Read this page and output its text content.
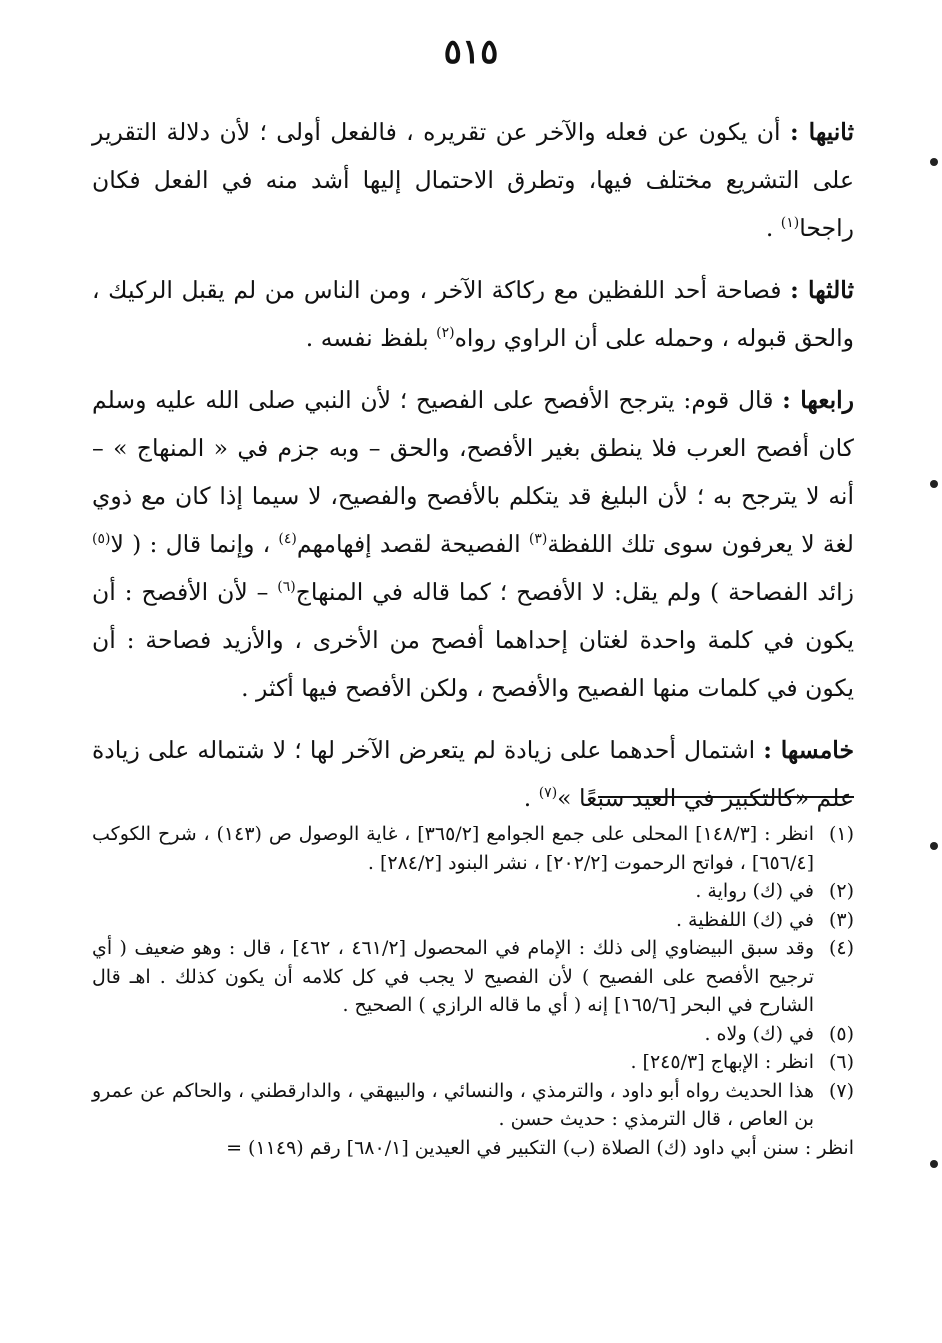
٥١٥

ثانيها : أن يكون عن فعله والآخر عن تقريره ، فالفعل أولى ؛ لأن دلالة التقرير على التشريع مختلف فيها، وتطرق الاحتمال إليها أشد منه في الفعل فكان راجحا$^{(١)}$ .

ثالثها : فصاحة أحد اللفظين مع ركاكة الآخر ، ومن الناس من لم يقبل الركيك ، والحق قبوله ، وحمله على أن الراوي رواه$^{(٢)}$ بلفظ نفسه .

رابعها : قال قوم: يترجح الأفصح على الفصيح ؛ لأن النبي صلى الله عليه وسلم كان أفصح العرب فلا ينطق بغير الأفصح، والحق – وبه جزم في « المنهاج » – أنه لا يترجح به ؛ لأن البليغ قد يتكلم بالأفصح والفصيح، لا سيما إذا كان مع ذوي لغة لا يعرفون سوى تلك اللفظة$^{(٣)}$ الفصيحة لقصد إفهامهم$^{(٤)}$ ، وإنما قال : ( لا$^{(٥)}$ زائد الفصاحة ) ولم يقل: لا الأفصح ؛ كما قاله في المنهاج$^{(٦)}$ – لأن الأفصح : أن يكون في كلمة واحدة لغتان إحداهما أفصح من الأخرى ، والأزيد فصاحة : أن يكون في كلمات منها الفصيح والأفصح ، ولكن الأفصح فيها أكثر .

خامسها : اشتمال أحدهما على زيادة لم يتعرض الآخر لها ؛ لا شتماله على زيادة علم «كالتكبير في العيد سبعًا »$^{(٧)}$ .

(١)انظر : [١٤٨/٣] المحلى على جمع الجوامع [٣٦٥/٢] ، غاية الوصول ص (١٤٣) ، شرح الكوكب [٦٥٦/٤] ، فواتح الرحموت [٢٠٢/٢] ، نشر البنود [٢٨٤/٢] .

(٢)في (ك) رواية .

(٣)في (ك) اللفظية .

(٤)وقد سبق البيضاوي إلى ذلك : الإمام في المحصول [٤٦١/٢ ، ٤٦٢] ، قال : وهو ضعيف ( أي ترجيح الأفصح على الفصيح ) لأن الفصيح لا يجب في كل كلامه أن يكون كذلك . اهـ قال الشارح في البحر [١٦٥/٦] إنه ( أي ما قاله الرازي ) الصحيح .

(٥)في (ك) ولاه .

(٦)انظر : الإبهاج [٢٤٥/٣] .

(٧)هذا الحديث رواه أبو داود ، والترمذي ، والنسائي ، والبيهقي ، والدارقطني ، والحاكم عن عمرو بن العاص ، قال الترمذي : حديث حسن .

انظر : سنن أبي داود (ك) الصلاة (ب) التكبير في العيدين [٦٨٠/١] رقم (١١٤٩) =
